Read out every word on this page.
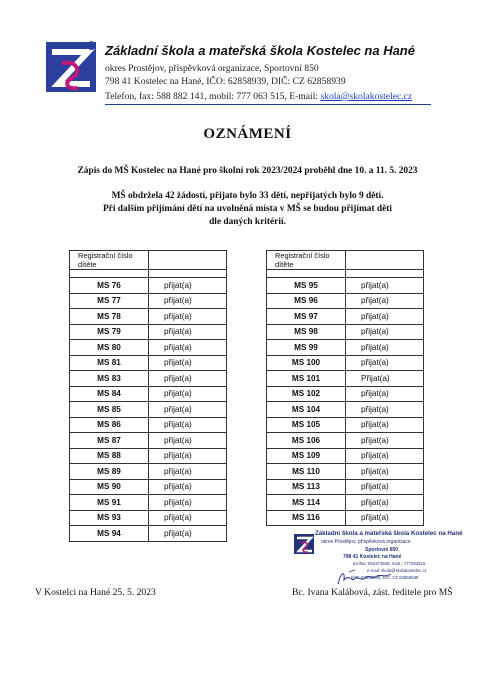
Š Základní škola a mateřská škola Kostelec na Hané
okres Prostějov, příspěvková organizace, Sportovní 850
798 41 Kostelec na Hané, IČO: 62858939, DIČ: CZ 62858939
Telefon, fax: 588 882 141, mobil: 777 063 515, E-mail: skola@skolakostelec.cz
OZNÁMENÍ
Zápis do MŠ Kostelec na Hané pro školní rok 2023/2024 proběhl dne 10. a 11. 5. 2023
MŠ obdržela 42 žádostí, přijato bylo 33 dětí, nepřijatých bylo 9 dětí.
Při dalším přijímání dětí na uvolněná místa v MŠ se budou přijímat děti
dle daných kritérií.
Registrační číslo dítěte	

MS 76	přijat(a)
MS 77	přijat(a)
MS 78	přijat(a)
MS 79	přijat(a)
MS 80	přijat(a)
MS 81	přijat(a)
MS 83	přijat(a)
MS 84	přijat(a)
MS 85	přijat(a)
MS 86	přijat(a)
MS 87	přijat(a)
MS 88	přijat(a)
MS 89	přijat(a)
MS 90	přijat(a)
MS 91	přijat(a)
MS 93	přijat(a)
MS 94	přijat(a)
Registrační číslo dítěte	

MS 95	přijat(a)
MS 96	přijat(a)
MS 97	přijat(a)
MS 98	přijat(a)
MS 99	přijat(a)
MS 100	přijat(a)
MS 101	Přijat(a)
MS 102	přijat(a)
MS 104	přijat(a)
MS 105	přijat(a)
MS 106	přijat(a)
MS 109	přijat(a)
MS 110	přijat(a)
MS 113	přijat(a)
MS 114	přijat(a)
MS 116	přijat(a)
Základní škola a mateřská škola Kostelec na Hané
okres Prostějov, příspěvková organizace
Sportovní 850
798 41 Kostelec na Hané
tel./fax: 582373848, mob.: 777063515
e-mail: skola@skolakostelec.cz
IČO: 62858939, DIČ: CZ 62858939
V Kostelci na Hané 25. 5. 2023	Bc. Ivana Kalábová, zást. ředitele pro MŠ
